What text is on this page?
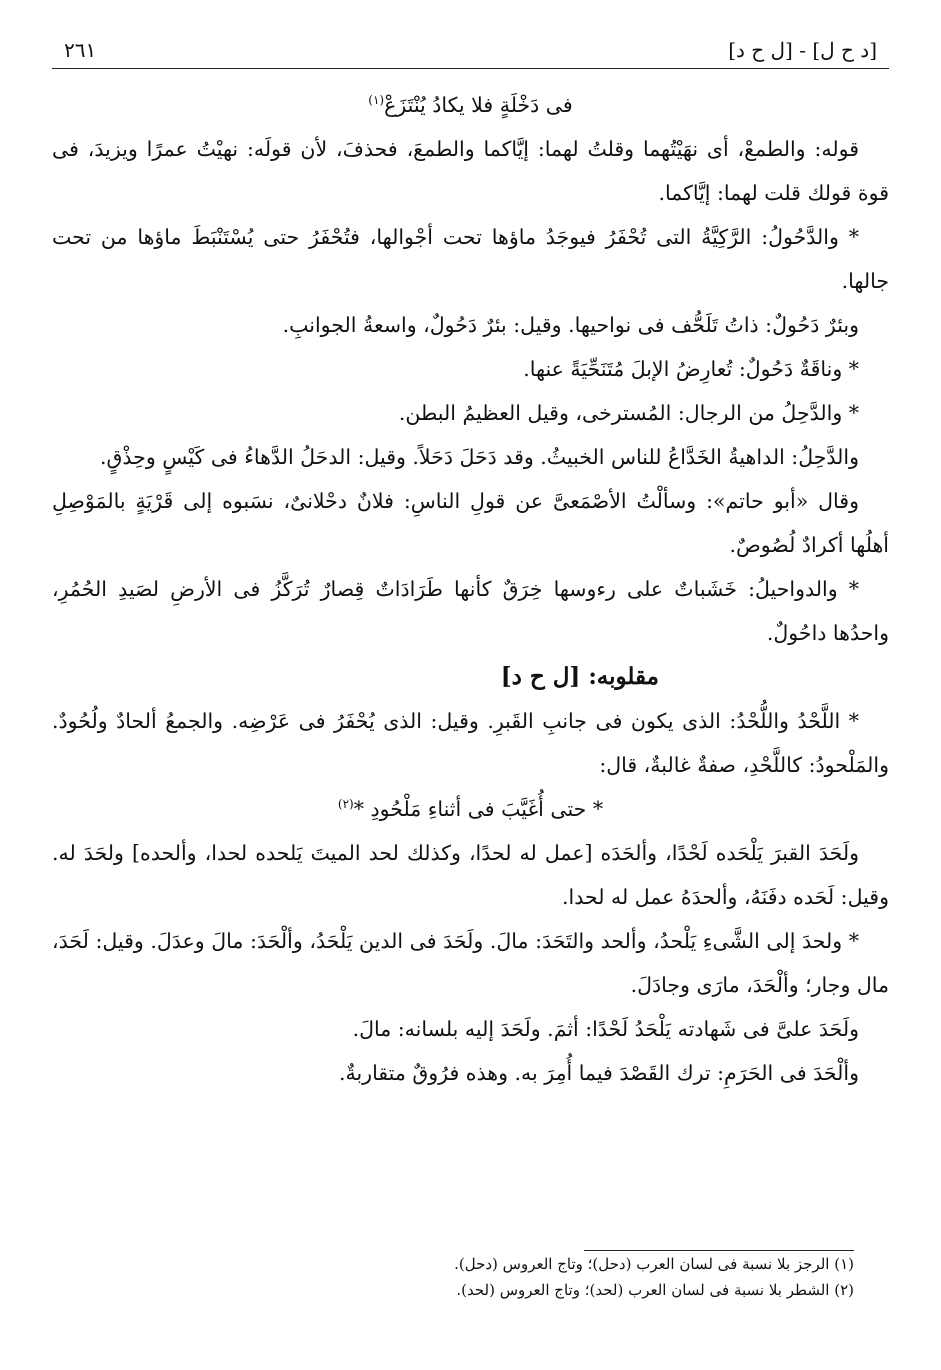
[د ح ل] - [ل ح د]
٢٦١

فى دَخْلَةٍ فلا يكادُ يُنْتَزَعْ$^{(١)}$

قوله: والطمعْ، أى نهَيْتُهما وقلتُ لهما: إيَّاكما والطمعَ، فحذفَ، لأن قولَه: نهيْتُ عمرًا ويزيدَ، فى قوة قولك قلت لهما: إيَّاكما.

* والدَّحُولُ: الرَّكِيَّةُ التى تُحْفَرُ فيوجَدُ ماؤها تحت أجْوالها، فتُحْفَرُ حتى يُسْتَنْبَطَ ماؤها من تحت جالها.

وبئرٌ دَحُولٌ: ذاتُ تَلَحُّف فى نواحيها. وقيل: بئرٌ دَحُولٌ، واسعةُ الجوانبِ.

* وناقَةٌ دَحُولٌ: تُعارِضُ الإبلَ مُتَنَحِّيَةً عنها.

* والدَّحِلُ من الرجال: المُسترخى، وقيل العظيمُ البطن.

والدَّحِلُ: الداهيةُ الخَدَّاعُ للناس الخبيثُ. وقد دَحَلَ دَحَلاً. وقيل: الدحَلُ الدَّهاءُ فى كَيْسٍ وحِذْقٍ.

وقال «أبو حاتم»: وسألْتُ الأصْمَعىَّ عن قولِ الناسِ: فلانٌ دحْلانىٌ، نسَبوه إلى قَرْيَةٍ بالمَوْصِلِ أهلُها أكرادٌ لُصُوصٌ.

* والدواحيلُ: خَشَباتٌ على رءوسها خِرَقٌ كأنها طَرَادَاتٌ قِصارٌ تُرَكَّزُ فى الأرضِ لصَيدِ الحُمُرِ، واحدُها داحُولٌ.

مقلوبه: [ل ح د]

* اللَّحْدُ واللُّحْدُ: الذى يكون فى جانبِ القَبرِ. وقيل: الذى يُحْفَرُ فى عَرْضِه. والجمعُ ألحادٌ ولُحُودٌ. والمَلْحودُ: كاللَّحْدِ، صفةٌ غالبةٌ، قال:

* حتى أُغَيَّبَ فى أثناءِ مَلْحُودِ *$^{(٢)}$

ولَحَدَ القبرَ يَلْحَده لَحْدًا، وألحَدَه [عمل له لحدًا، وكذلك لحد الميتَ يَلحده لحدا، وألحده] ولحَدَ له. وقيل: لَحَده دفَنَهُ، وألحدَهُ عمل له لحدا.

* ولحدَ إلى الشَّىءِ يَلْحدُ، وألحد والتَحَدَ: مالَ. ولَحَدَ فى الدين يَلْحَدُ، وألْحَدَ: مالَ وعدَلَ. وقيل: لَحَدَ، مال وجار؛ وألْحَدَ، مارَى وجادَلَ.

ولَحَدَ علىَّ فى شَهادته يَلْحَدُ لَحْدًا: أثمَ. ولَحَدَ إليه بلسانه: مالَ.

وألْحَدَ فى الحَرَمِ: ترك القَصْدَ فيما أُمِرَ به. وهذه فرُوقٌ متقاربةٌ.

(١) الرجز بلا نسبة فى لسان العرب (دحل)؛ وتاج العروس (دحل).

(٢) الشطر بلا نسبة فى لسان العرب (لحد)؛ وتاج العروس (لحد).
